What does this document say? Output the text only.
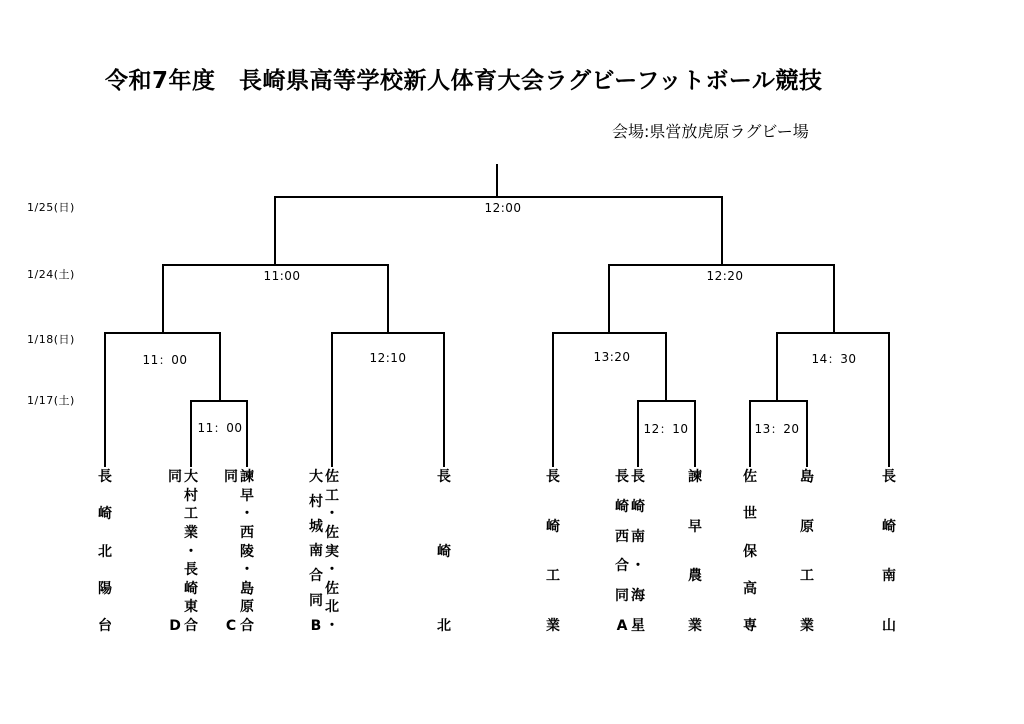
令和7年度　長崎県高等学校新人体育大会ラグビーフットボール競技
会場:県営放虎原ラグビー場
1/25(日)
1/24(土)
1/18(日)
1/17(土)
12:00
11:00	12:20
11：00	12:10	13:20	14：30
11：00	12：10	13：20
長
崎
北
陽
台
大
村
工
業
・
長
崎
東
合
同
D
諫
早
・
西
陵
・
島
原
合
同
C
佐
工
・
佐
実
・
佐
北
・
大
村
城
南
合
同
B
長
崎
北
長
崎
工
業
長
崎
南
・
海
星
長
崎
西
合
同
A
諫
早
農
業
佐
世
保
高
専
島
原
工
業
長
崎
南
山
